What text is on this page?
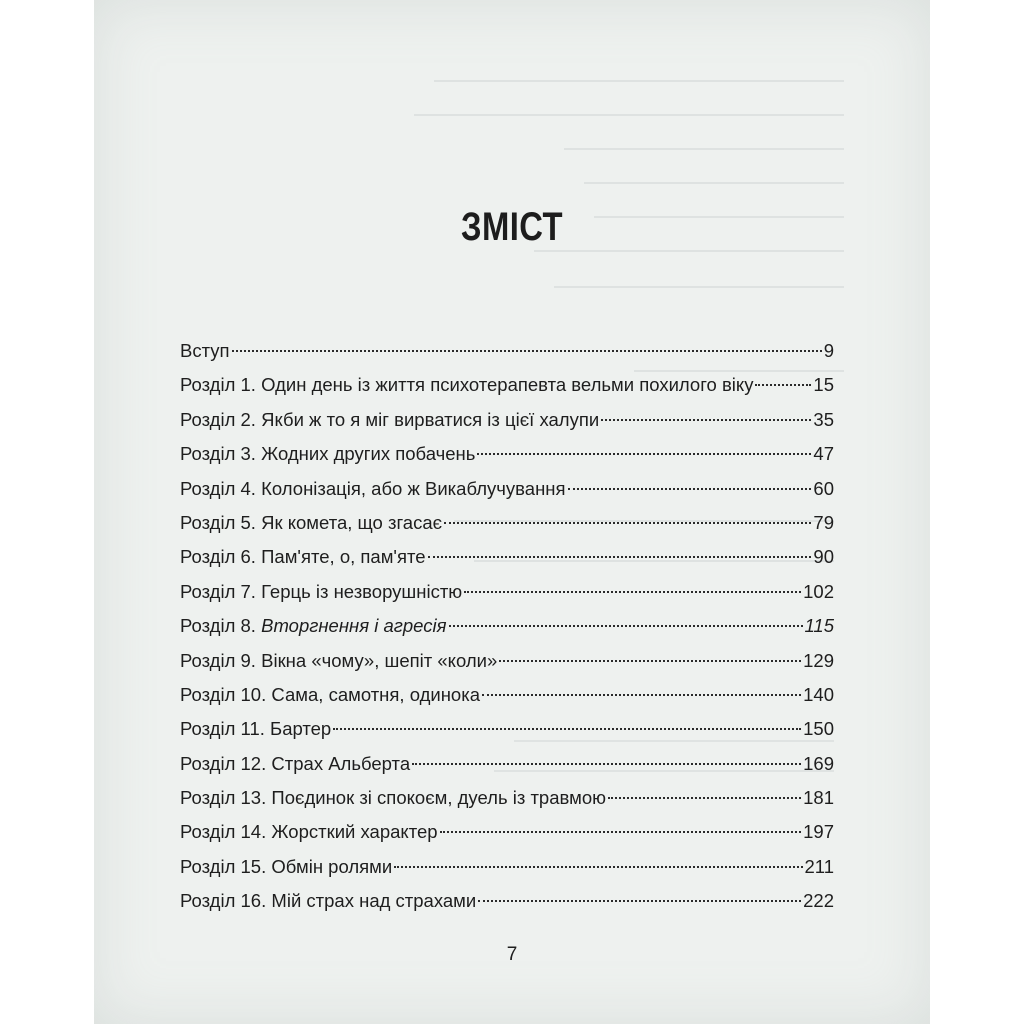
ЗМІСТ
Вступ	9
Розділ 1. Один день із життя психотерапевта вельми похилого віку	15
Розділ 2. Якби ж то я міг вирватися із цієї халупи	35
Розділ 3. Жодних других побачень	47
Розділ 4. Колонізація, або ж Викаблучування	60
Розділ 5. Як комета, що згасає	79
Розділ 6. Пам'яте, о, пам'яте	90
Розділ 7. Герць із незворушністю	102
Розділ 8. Вторгнення і агресія	115
Розділ 9. Вікна «чому», шепіт «коли»	129
Розділ 10. Сама, самотня, одинока	140
Розділ 11. Бартер	150
Розділ 12. Страх Альберта	169
Розділ 13. Поєдинок зі спокоєм, дуель із травмою	181
Розділ 14. Жорсткий характер	197
Розділ 15. Обмін ролями	211
Розділ 16. Мій страх над страхами	222
7
